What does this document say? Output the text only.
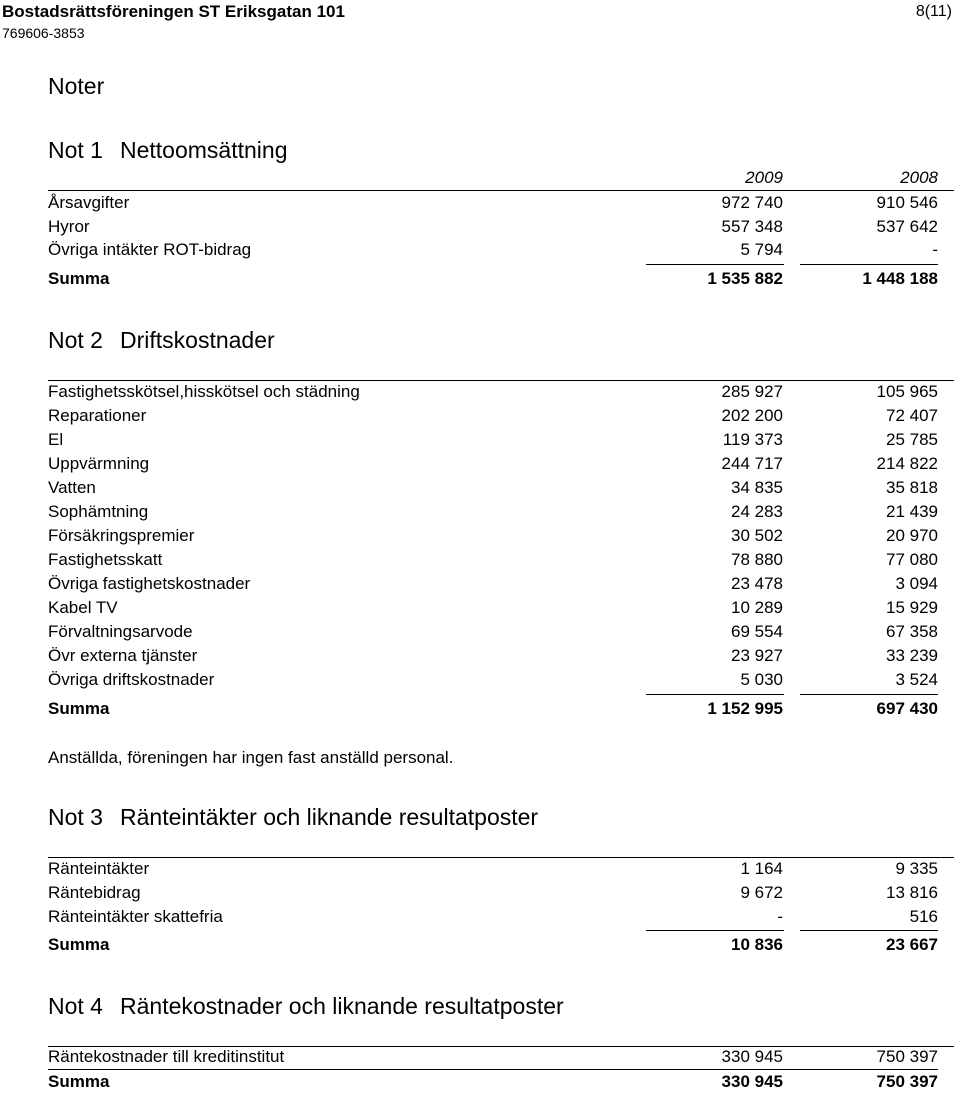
Bostadsrättsföreningen ST Eriksgatan 101
769606-3853
8(11)
Noter
Not 1 Nettoomsättning
2009	2008
Årsavgifter	972 740	910 546
Hyror	557 348	537 642
Övriga intäkter ROT-bidrag	5 794	-
Summa	1 535 882	1 448 188
Not 2 Driftskostnader
Fastighetsskötsel,hisskötsel och städning	285 927	105 965
Reparationer	202 200	72 407
El	119 373	25 785
Uppvärmning	244 717	214 822
Vatten	34 835	35 818
Sophämtning	24 283	21 439
Försäkringspremier	30 502	20 970
Fastighetsskatt	78 880	77 080
Övriga fastighetskostnader	23 478	3 094
Kabel TV	10 289	15 929
Förvaltningsarvode	69 554	67 358
Övr externa tjänster	23 927	33 239
Övriga driftskostnader	5 030	3 524
Summa	1 152 995	697 430
Anställda, föreningen har ingen fast anställd personal.
Not 3 Ränteintäkter och liknande resultatposter
Ränteintäkter	1 164	9 335
Räntebidrag	9 672	13 816
Ränteintäkter skattefria	-	516
Summa	10 836	23 667
Not 4 Räntekostnader och liknande resultatposter
Räntekostnader till kreditinstitut	330 945	750 397
Summa	330 945	750 397
